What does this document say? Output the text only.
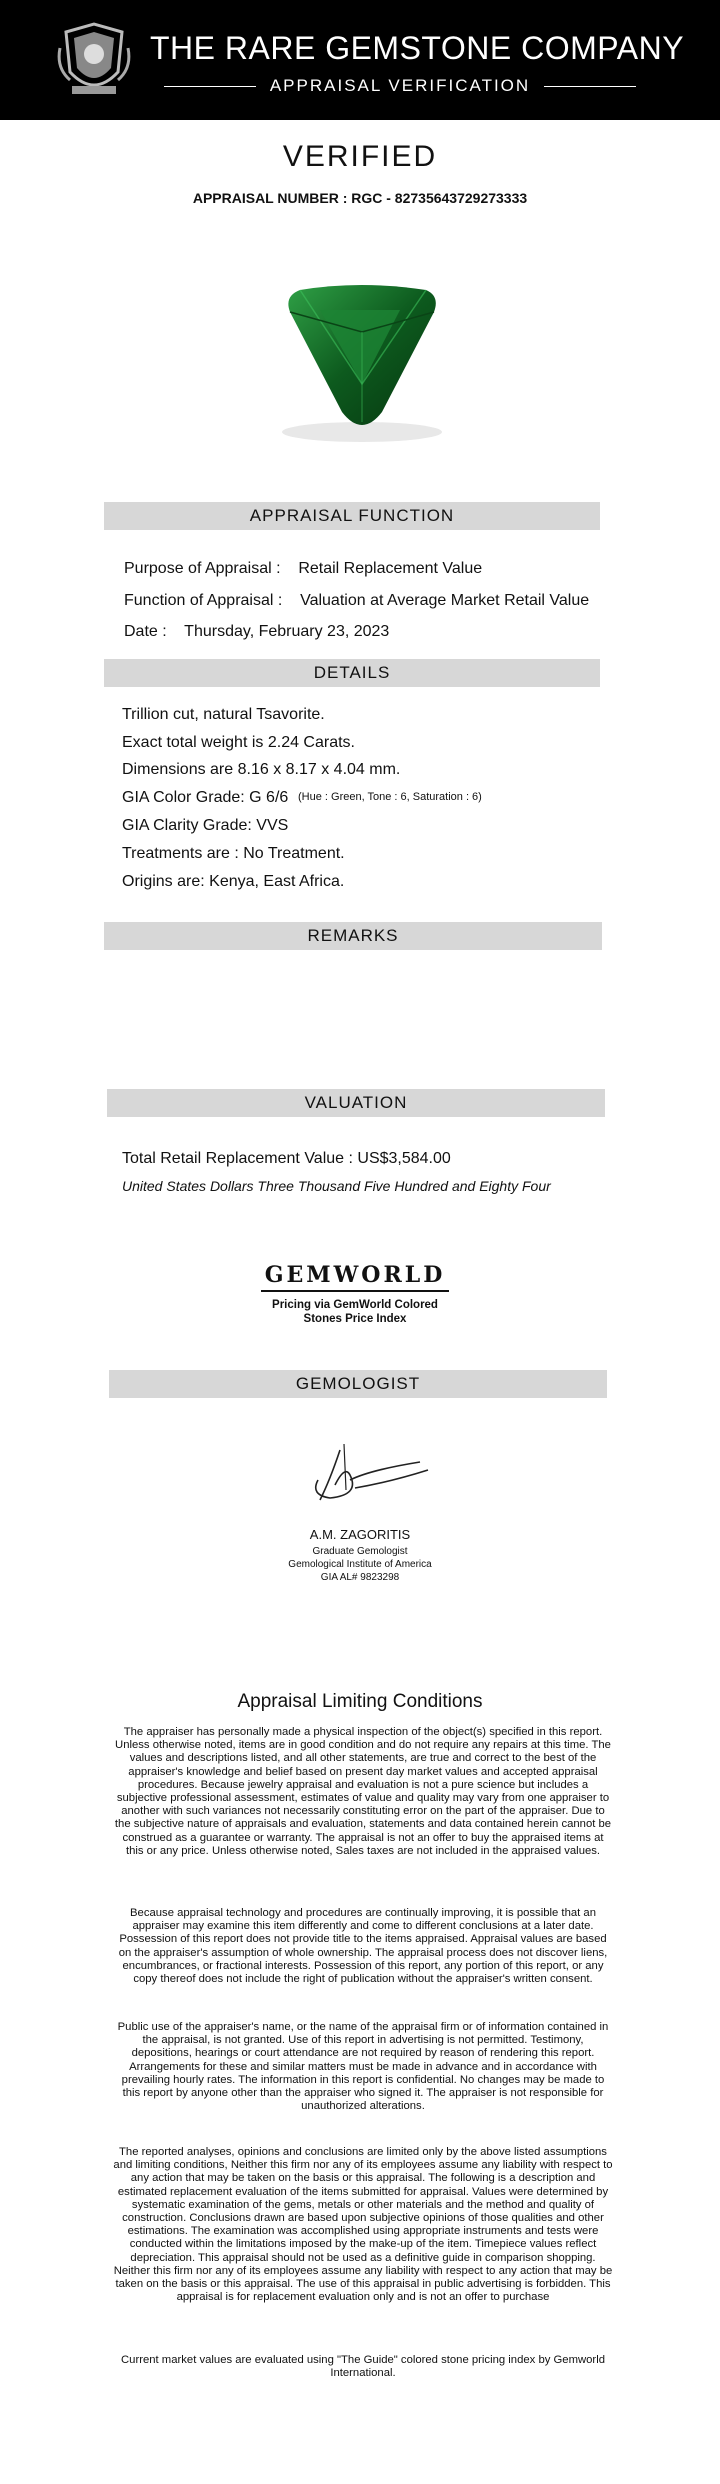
THE RARE GEMSTONE COMPANY
APPRAISAL VERIFICATION
VERIFIED
APPRAISAL NUMBER : RGC - 82735643729273333
APPRAISAL FUNCTION
Purpose of Appraisal :    Retail Replacement Value
Function of Appraisal :    Valuation at Average Market Retail Value
Date :    Thursday, February 23, 2023
DETAILS
Trillion cut, natural Tsavorite.
Exact total weight is 2.24 Carats.
Dimensions are 8.16 x 8.17 x 4.04 mm.
GIA Color Grade: G 6/6 (Hue : Green, Tone : 6, Saturation : 6)
GIA Clarity Grade: VVS
Treatments are : No Treatment.
Origins are: Kenya, East Africa.
REMARKS
VALUATION
Total Retail Replacement Value : US$3,584.00
United States Dollars Three Thousand Five Hundred and Eighty Four
GEMWORLD
Pricing via GemWorld Colored
Stones Price Index
GEMOLOGIST
A.M. ZAGORITIS
Graduate Gemologist
Gemological Institute of America
GIA AL# 9823298
Appraisal Limiting Conditions
The appraiser has personally made a physical inspection of the object(s) specified in this report. Unless otherwise noted, items are in good condition and do not require any repairs at this time. The values and descriptions listed, and all other statements, are true and correct to the best of the appraiser's knowledge and belief based on present day market values and accepted appraisal procedures. Because jewelry appraisal and evaluation is not a pure science but includes a subjective professional assessment, estimates of value and quality may vary from one appraiser to another with such variances not necessarily constituting error on the part of the appraiser. Due to the subjective nature of appraisals and evaluation, statements and data contained herein cannot be construed as a guarantee or warranty. The appraisal is not an offer to buy the appraised items at this or any price. Unless otherwise noted, Sales taxes are not included in the appraised values.
Because appraisal technology and procedures are continually improving, it is possible that an appraiser may examine this item differently and come to different conclusions at a later date. Possession of this report does not provide title to the items appraised. Appraisal values are based on the appraiser's assumption of whole ownership. The appraisal process does not discover liens, encumbrances, or fractional interests. Possession of this report, any portion of this report, or any copy thereof does not include the right of publication without the appraiser's written consent.
Public use of the appraiser's name, or the name of the appraisal firm or of information contained in the appraisal, is not granted. Use of this report in advertising is not permitted. Testimony, depositions, hearings or court attendance are not required by reason of rendering this report. Arrangements for these and similar matters must be made in advance and in accordance with prevailing hourly rates. The information in this report is confidential. No changes may be made to this report by anyone other than the appraiser who signed it. The appraiser is not responsible for unauthorized alterations.
The reported analyses, opinions and conclusions are limited only by the above listed assumptions and limiting conditions, Neither this firm nor any of its employees assume any liability with respect to any action that may be taken on the basis or this appraisal. The following is a description and estimated replacement evaluation of the items submitted for appraisal. Values were determined by systematic examination of the gems, metals or other materials and the method and quality of construction. Conclusions drawn are based upon subjective opinions of those qualities and other estimations. The examination was accomplished using appropriate instruments and tests were conducted within the limitations imposed by the make-up of the item. Timepiece values reflect depreciation. This appraisal should not be used as a definitive guide in comparison shopping. Neither this firm nor any of its employees assume any liability with respect to any action that may be taken on the basis or this appraisal. The use of this appraisal in public advertising is forbidden. This appraisal is for replacement evaluation only and is not an offer to purchase
Current market values are evaluated using "The Guide" colored stone pricing index by Gemworld International.
